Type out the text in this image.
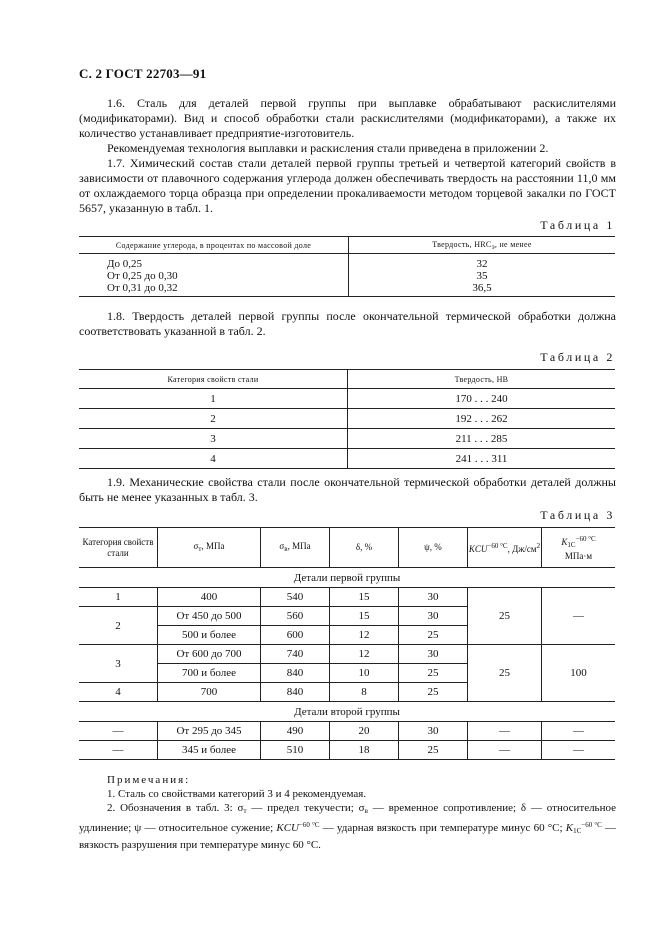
С. 2 ГОСТ 22703—91

1.6. Сталь для деталей первой группы при выплавке обрабатывают раскислителями (модификаторами). Вид и способ обработки стали раскислителями (модификаторами), а также их количество устанавливает предприятие-изготовитель.

Рекомендуемая технология выплавки и раскисления стали приведена в приложении 2.

1.7. Химический состав стали деталей первой группы третьей и четвертой категорий свойств в зависимости от плавочного содержания углерода должен обеспечивать твердость на расстоянии 11,0 мм от охлаждаемого торца образца при определении прокаливаемости методом торцевой закалки по ГОСТ 5657, указанную в табл. 1.

Таблица 1

Содержание углерода, в процентах по массовой доле	Твердость, HRCэ, не менее
До 0,25	32
От 0,25 до 0,30	35
От 0,31 до 0,32	36,5

1.8. Твердость деталей первой группы после окончательной термической обработки должна соответствовать указанной в табл. 2.

Таблица 2

Категория свойств стали	Твердость, НВ
1	170 . . . 240
2	192 . . . 262
3	211 . . . 285
4	241 . . . 311

1.9. Механические свойства стали после окончательной термической обработки деталей должны быть не менее указанных в табл. 3.

Таблица 3

Категория свойств стали	$\sigma_т$, МПа	$\sigma_в$, МПа	δ, %	ψ, %	$KCU^{-60 ^\circ С}$, $Дж/см^2$	$K_{1С}^{-60 ^\circ С}$
МПа·м
Детали первой группы						
1	400	540	15	30	25	—
2	От 450 до 500	560	15	30		
	500 и более	600	12	25		
3	От 600 до 700	740	12	30	25	100
	700 и более	840	10	25		
4	700	840	8	25		
Детали второй группы						
—	От 295 до 345	490	20	30	—	—
—	345 и более	510	18	25	—	—
Примечания:
1. Сталь со свойствами категорий 3 и 4 рекомендуемая.
2. Обозначения в табл. 3: $\sigma_т$ — предел текучести; $\sigma_в$ — временное сопротивление; δ — относительное удлинение; ψ — относительное сужение; $KCU^{-60 ^\circ С}$ — ударная вязкость при температуре минус 60 °С; $K_{1С}^{-60 ^\circ С}$ — вязкость разрушения при температуре минус 60 °С.
